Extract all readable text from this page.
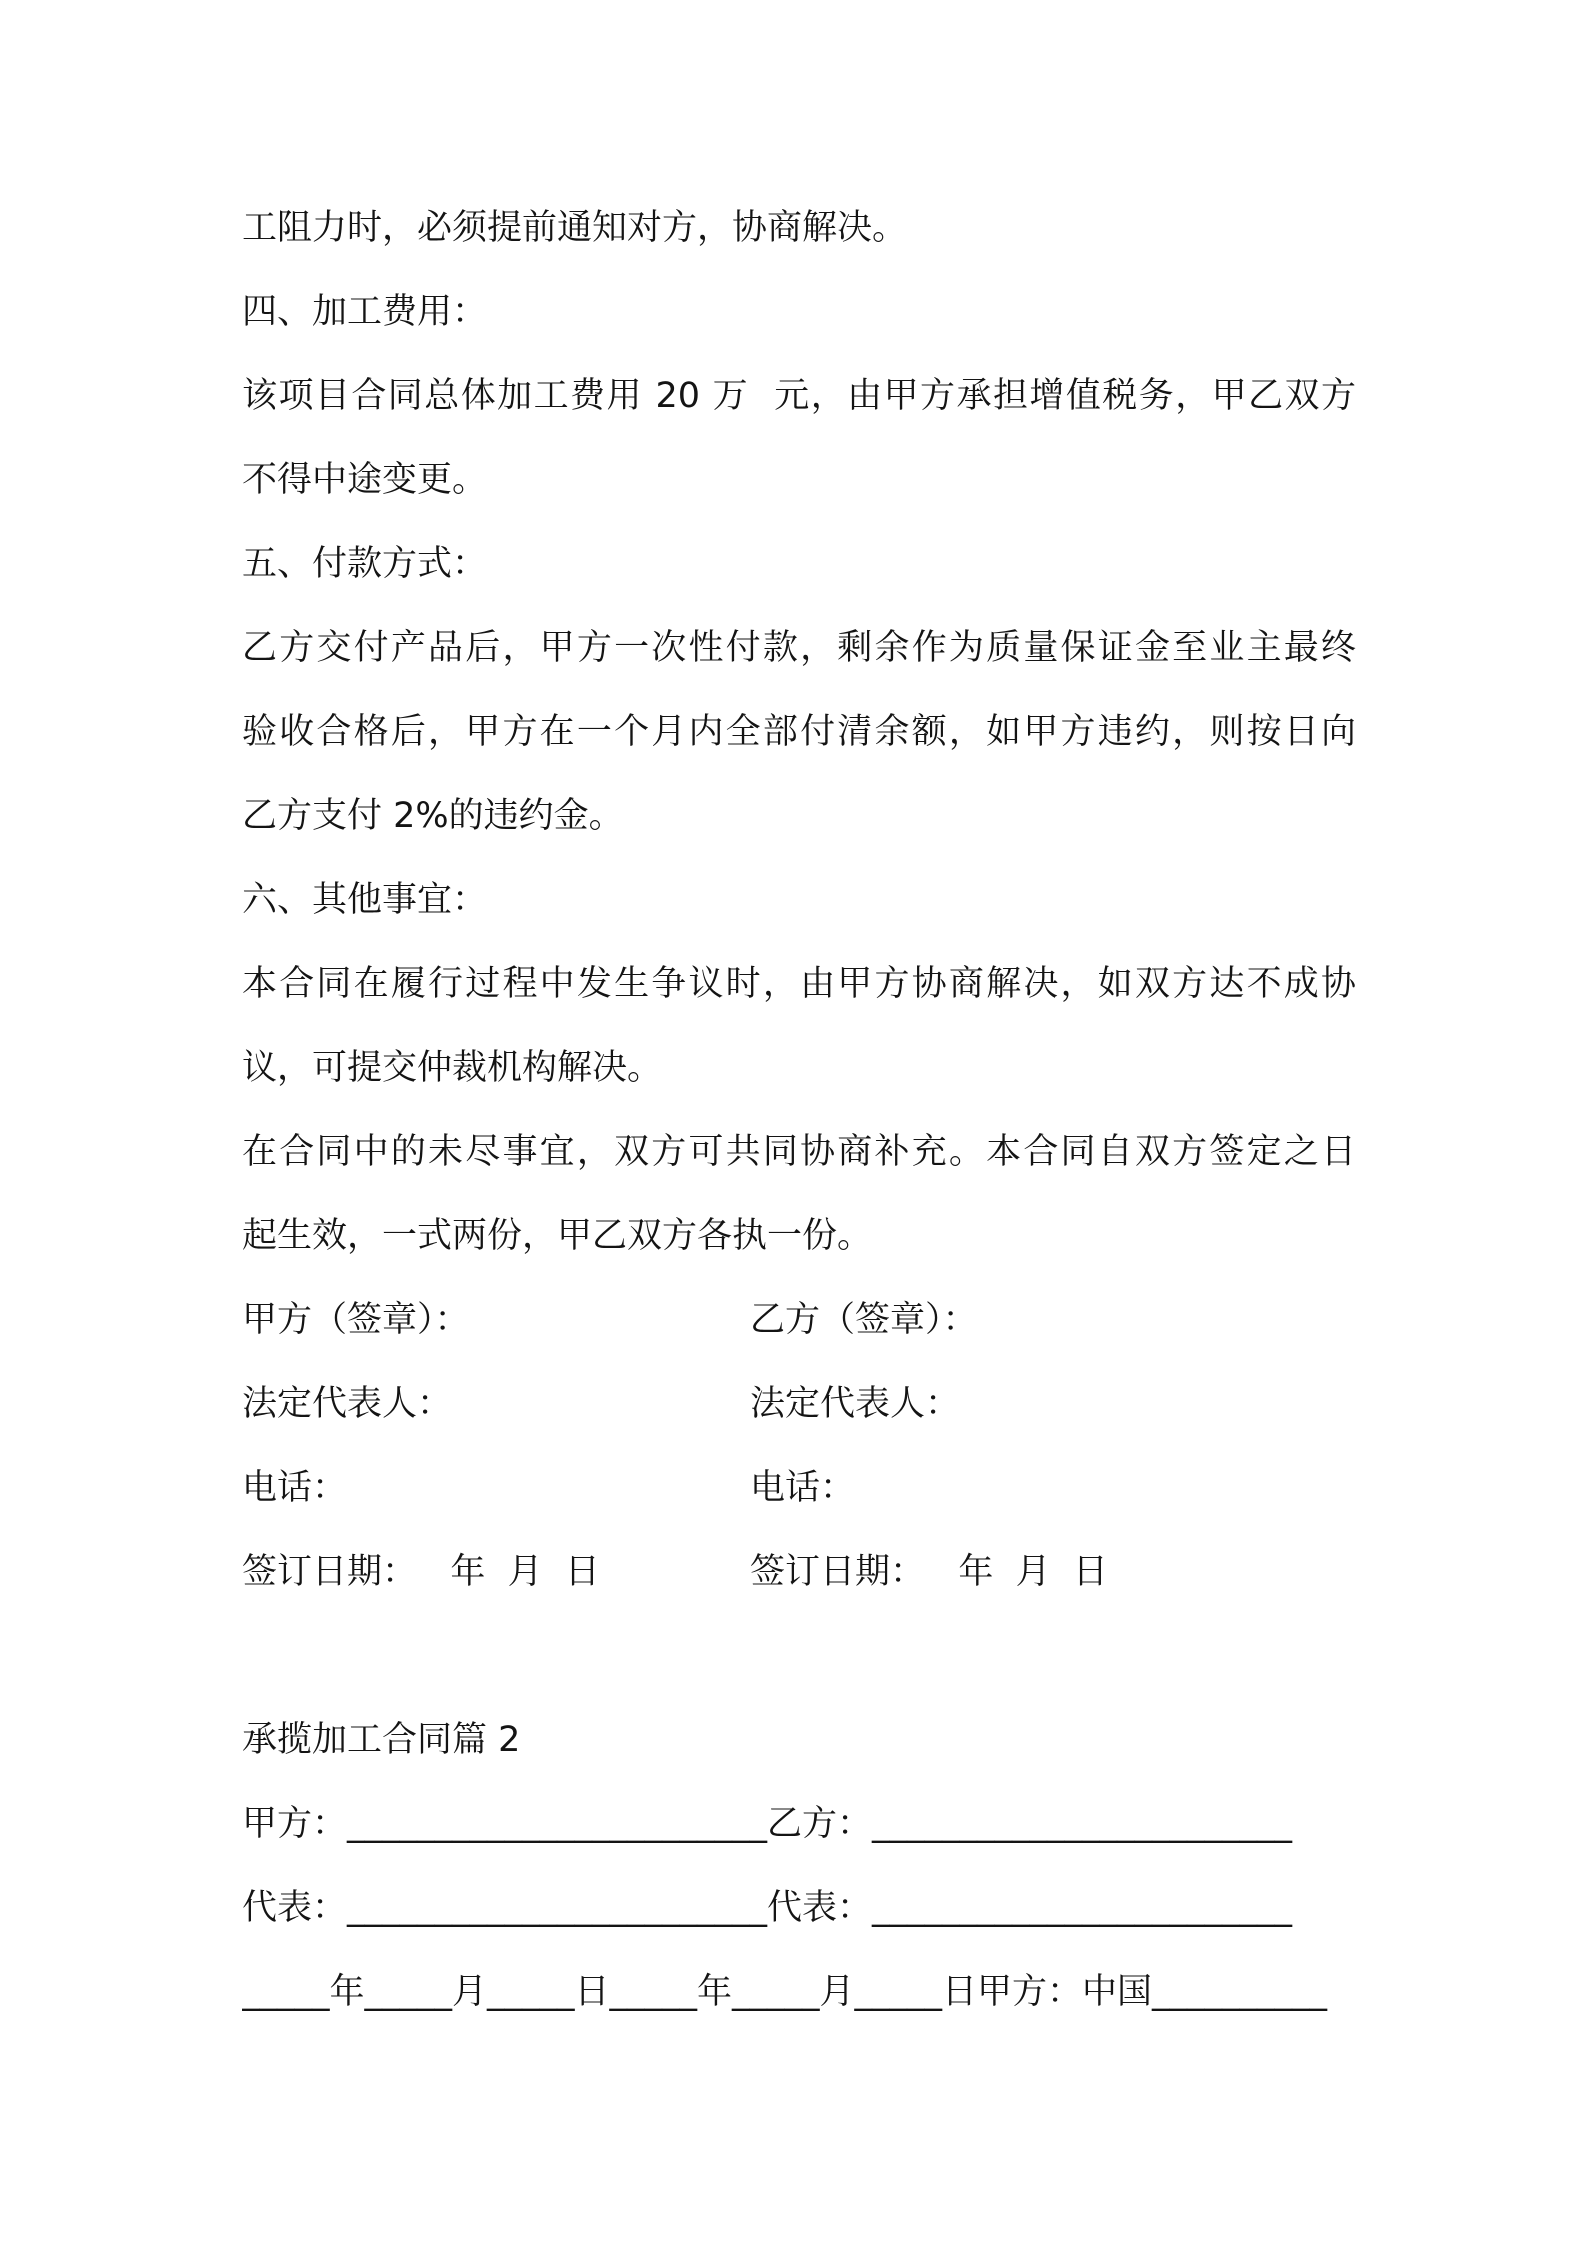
工阻力时，必须提前通知对方，协商解决。
四、加工费用：
该项目合同总体加工费用 20 万  元，由甲方承担增值税务，甲乙双方
不得中途变更。
五、付款方式：
乙方交付产品后，甲方一次性付款，剩余作为质量保证金至业主最终
验收合格后，甲方在一个月内全部付清余额，如甲方违约，则按日向
乙方支付 2%的违约金。
六、其他事宜：
本合同在履行过程中发生争议时，由甲方协商解决，如双方达不成协
议，可提交仲裁机构解决。
在合同中的未尽事宜，双方可共同协商补充。本合同自双方签定之日
起生效，一式两份，甲乙双方各执一份。
甲方（签章）：	乙方（签章）：
法定代表人：	法定代表人：
电话：	电话：
签订日期：   年  月  日	签订日期：   年  月  日
承揽加工合同篇 2
甲方：________________________乙方：________________________
代表：________________________代表：________________________
_____年_____月_____日_____年_____月_____日甲方：中国__________
